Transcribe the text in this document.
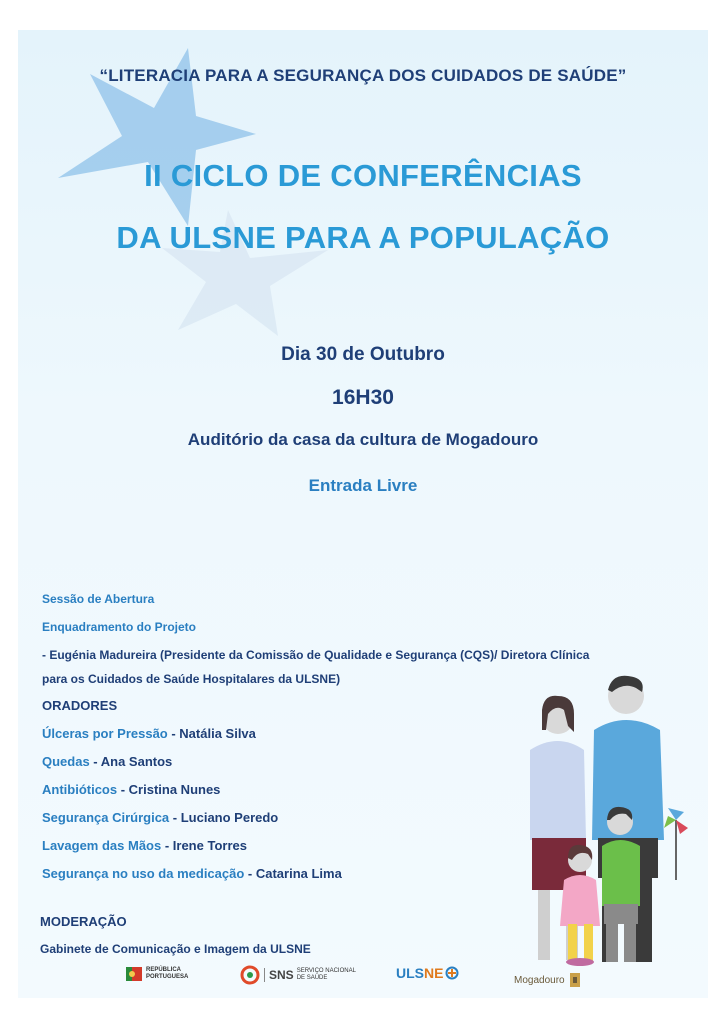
“LITERACIA PARA A SEGURANÇA DOS CUIDADOS DE SAÚDE”
II CICLO DE CONFERÊNCIAS
DA ULSNE PARA A POPULAÇÃO
Dia 30 de Outubro
16H30
Auditório da casa da cultura de Mogadouro
Entrada Livre
Sessão de Abertura
Enquadramento do Projeto
- Eugénia Madureira (Presidente da Comissão de Qualidade e Segurança (CQS)/ Diretora Clínica
para os Cuidados de Saúde Hospitalares da ULSNE)
ORADORES
Úlceras por Pressão - Natália Silva
Quedas - Ana Santos
Antibióticos - Cristina Nunes
Segurança Cirúrgica - Luciano Peredo
Lavagem das Mãos - Irene Torres
Segurança no uso da medicação - Catarina Lima
MODERAÇÃO
Gabinete de Comunicação e Imagem da ULSNE
REPÚBLICA
PORTUGUESA	SNS SERVIÇO NACIONAL
DE SAÚDE	ULS NE	Mogadouro
